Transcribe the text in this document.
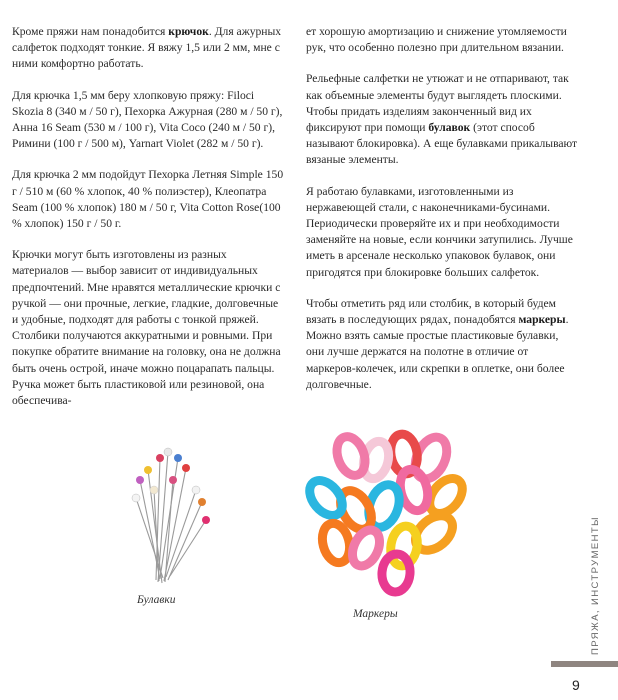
Кроме пряжи нам понадобится крючок. Для ажурных салфеток подходят тонкие. Я вяжу 1,5 или 2 мм, мне с ними комфортно работать.

Для крючка 1,5 мм беру хлопковую пряжу: Filoci Skozia 8 (340 м / 50 г), Пехорка Ажурная (280 м / 50 г), Анна 16 Seam (530 м / 100 г), Vita Coco (240 м / 50 г), Римини (100 г / 500 м), Yarnart Violet (282 м / 50 г).

Для крючка 2 мм подойдут Пехорка Летняя Simple 150 г / 510 м (60 % хлопок, 40 % полиэстер), Клеопатра Seam (100 % хлопок) 180 м / 50 г, Vita Cotton Rose(100 % хлопок) 150 г / 50 г.

Крючки могут быть изготовлены из разных материалов — выбор зависит от индивидуальных предпочтений. Мне нравятся металлические крючки с ручкой — они прочные, легкие, гладкие, долговечные и удобные, подходят для работы с тонкой пряжей. Столбики получаются аккуратными и ровными. При покупке обратите внимание на головку, она не должна быть очень острой, иначе можно поцарапать пальцы. Ручка может быть пластиковой или резиновой, она обеспечива-

ет хорошую амортизацию и снижение утомляемости рук, что особенно полезно при длительном вязании.

Рельефные салфетки не утюжат и не отпаривают, так как объемные элементы будут выглядеть плоскими. Чтобы придать изделиям законченный вид их фиксируют при помощи булавок (этот способ называют блокировка). А еще булавками прикалывают вязаные элементы.

Я работаю булавками, изготовленными из нержавеющей стали, с наконечниками-бусинами. Периодически проверяйте их и при необходимости заменяйте на новые, если кончики затупились. Лучше иметь в арсенале несколько упаковок булавок, они пригодятся при блокировке больших салфеток.

Чтобы отметить ряд или столбик, в который будем вязать в последующих рядах, понадобятся маркеры. Можно взять самые простые пластиковые булавки, они лучше держатся на полотне в отличие от маркеров-колечек, или скрепки в оплетке, они более долговечные.

Булавки
Маркеры	ПРЯЖА, ИНСТРУМЕНТЫ
9
